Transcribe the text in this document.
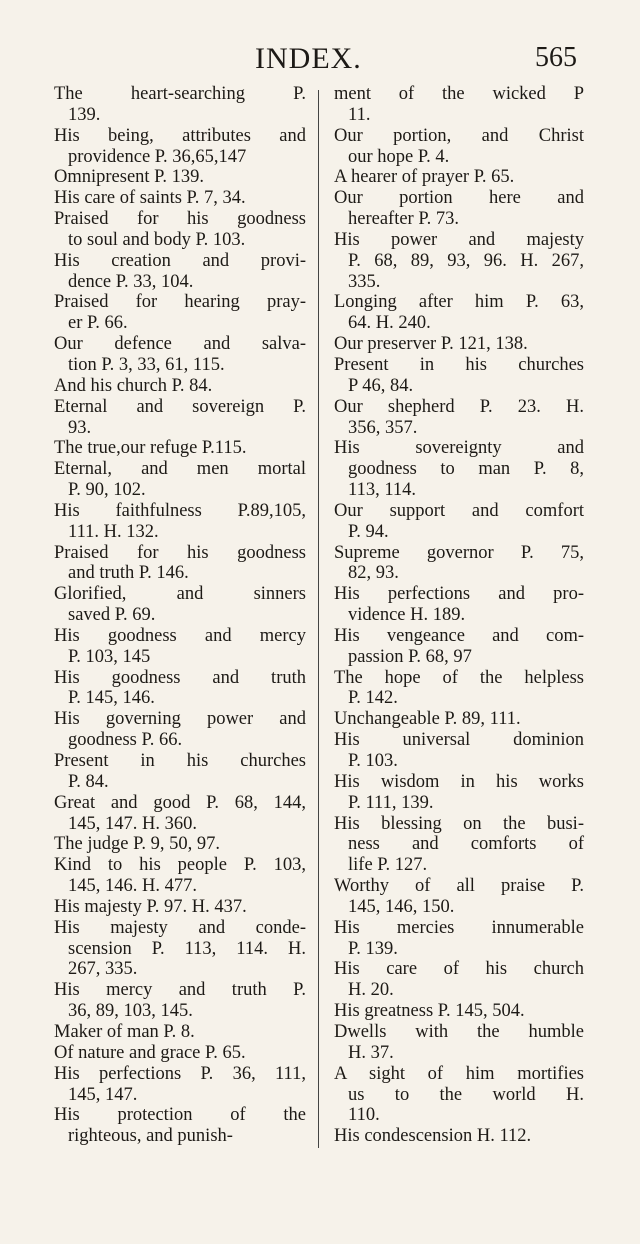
INDEX.	565
The heart-searching P.
139.
His being, attributes and
providence P. 36,65,147
Omnipresent P. 139.
His care of saints P. 7, 34.
Praised for his goodness
to soul and body P. 103.
His creation and provi-
dence P. 33, 104.
Praised for hearing pray-
er P. 66.
Our defence and salva-
tion P. 3, 33, 61, 115.
And his church P. 84.
Eternal and sovereign P.
93.
The true,our refuge P.115.
Eternal, and men mortal
P. 90, 102.
His faithfulness P.89,105,
111. H. 132.
Praised for his goodness
and truth P. 146.
Glorified, and sinners
saved P. 69.
His goodness and mercy
P. 103, 145
His goodness and truth
P. 145, 146.
His governing power and
goodness P. 66.
Present in his churches
P. 84.
Great and good P. 68, 144,
145, 147. H. 360.
The judge P. 9, 50, 97.
Kind to his people P. 103,
145, 146. H. 477.
His majesty P. 97. H. 437.
His majesty and conde-
scension P. 113, 114. H.
267, 335.
His mercy and truth P.
36, 89, 103, 145.
Maker of man P. 8.
Of nature and grace P. 65.
His perfections P. 36, 111,
145, 147.
His protection of the
righteous, and punish-
ment of the wicked P
11.
Our portion, and Christ
our hope P. 4.
A hearer of prayer P. 65.
Our portion here and
hereafter P. 73.
His power and majesty
P. 68, 89, 93, 96. H. 267,
335.
Longing after him P. 63,
64. H. 240.
Our preserver P. 121, 138.
Present in his churches
P 46, 84.
Our shepherd P. 23. H.
356, 357.
His sovereignty and
goodness to man P. 8,
113, 114.
Our support and comfort
P. 94.
Supreme governor P. 75,
82, 93.
His perfections and pro-
vidence H. 189.
His vengeance and com-
passion P. 68, 97
The hope of the helpless
P. 142.
Unchangeable P. 89, 111.
His universal dominion
P. 103.
His wisdom in his works
P. 111, 139.
His blessing on the busi-
ness and comforts of
life P. 127.
Worthy of all praise P.
145, 146, 150.
His mercies innumerable
P. 139.
His care of his church
H. 20.
His greatness P. 145, 504.
Dwells with the humble
H. 37.
A sight of him mortifies
us to the world H.
110.
His condescension H. 112.
